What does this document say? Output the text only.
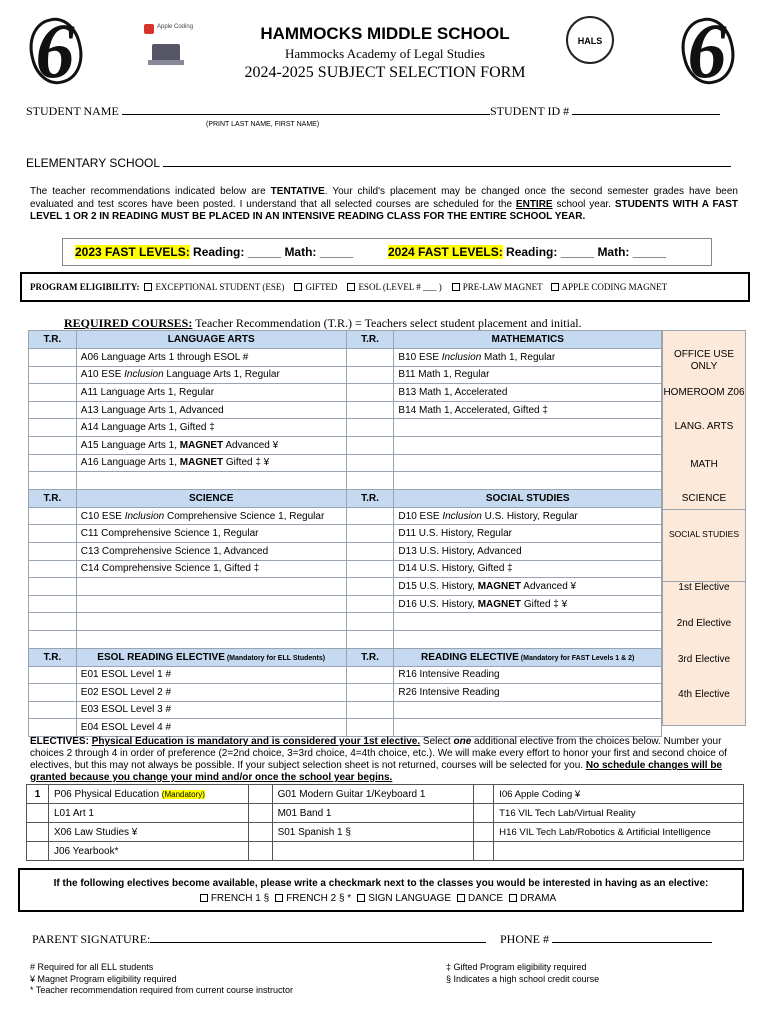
6	6
Apple Coding
HALS
HAMMOCKS MIDDLE SCHOOL
Hammocks Academy of Legal Studies
2024-2025 SUBJECT SELECTION FORM
STUDENT NAME	STUDENT ID #
(PRINT LAST NAME, FIRST NAME)
ELEMENTARY SCHOOL
The teacher recommendations indicated below are TENTATIVE. Your child's placement may be changed once the second semester grades have been evaluated and test scores have been posted. I understand that all selected courses are scheduled for the ENTIRE school year. STUDENTS WITH A FAST LEVEL 1 OR 2 IN READING MUST BE PLACED IN AN INTENSIVE READING CLASS FOR THE ENTIRE SCHOOL YEAR.
2023 FAST LEVELS: Reading: _____ Math: _____	2024 FAST LEVELS: Reading: _____ Math: _____
PROGRAM ELIGIBILITY: EXCEPTIONAL STUDENT (ESE) GIFTED ESOL (LEVEL # ___ ) PRE-LAW MAGNET APPLE CODING MAGNET
REQUIRED COURSES: Teacher Recommendation (T.R.) = Teachers select student placement and initial.
T.R.	LANGUAGE ARTS	T.R.	MATHEMATICS
	A06 Language Arts 1 through ESOL #		B10 ESE Inclusion Math 1, Regular
	A10 ESE Inclusion Language Arts 1, Regular		B11 Math 1, Regular
	A11 Language Arts 1, Regular		B13 Math 1, Accelerated
	A13 Language Arts 1, Advanced		B14 Math 1, Accelerated, Gifted ‡
	A14 Language Arts 1, Gifted ‡		
	A15 Language Arts 1, MAGNET Advanced ¥		
	A16 Language Arts 1, MAGNET Gifted ‡ ¥		

T.R.	SCIENCE	T.R.	SOCIAL STUDIES
	C10 ESE Inclusion Comprehensive Science 1, Regular		D10 ESE Inclusion U.S. History, Regular
	C11 Comprehensive Science 1, Regular		D11 U.S. History, Regular
	C13 Comprehensive Science 1, Advanced		D13 U.S. History, Advanced
	C14 Comprehensive Science 1, Gifted ‡		D14 U.S. History, Gifted ‡
			D15 U.S. History, MAGNET Advanced ¥
			D16 U.S. History, MAGNET Gifted ‡ ¥

T.R.	ESOL READING ELECTIVE (Mandatory for ELL Students)	T.R.	READING ELECTIVE (Mandatory for FAST Levels 1 & 2)
	E01 ESOL Level 1 #		R16 Intensive Reading
	E02 ESOL Level 2 #		R26 Intensive Reading
	E03 ESOL Level 3 #		
	E04 ESOL Level 4 #		
OFFICE USE ONLY
HOMEROOM Z06
LANG. ARTS
MATH
SCIENCE
SOCIAL STUDIES
1st Elective
2nd Elective
3rd Elective
4th Elective
ELECTIVES: Physical Education is mandatory and is considered your 1st elective. Select one additional elective from the choices below. Number your choices 2 through 4 in order of preference (2=2nd choice, 3=3rd choice, 4=4th choice, etc.). We will make every effort to honor your first and second choice of electives, but this may not always be possible. If your subject selection sheet is not returned, courses will be selected for you. No schedule changes will be granted because you change your mind and/or once the school year begins.
1	P06 Physical Education (Mandatory)		G01 Modern Guitar 1/Keyboard 1		I06 Apple Coding ¥
	L01 Art 1		M01 Band 1		T16 VIL Tech Lab/Virtual Reality
	X06 Law Studies ¥		S01 Spanish 1 §		H16 VIL Tech Lab/Robotics & Artificial Intelligence
	J06 Yearbook*				
If the following electives become available, please write a checkmark next to the classes you would be interested in having as an elective:
FRENCH 1 § FRENCH 2 § * SIGN LANGUAGE DANCE DRAMA
PARENT SIGNATURE:	PHONE #
# Required for all ELL students
¥ Magnet Program eligibility required
* Teacher recommendation required from current course instructor
‡ Gifted Program eligibility required
§ Indicates a high school credit course
